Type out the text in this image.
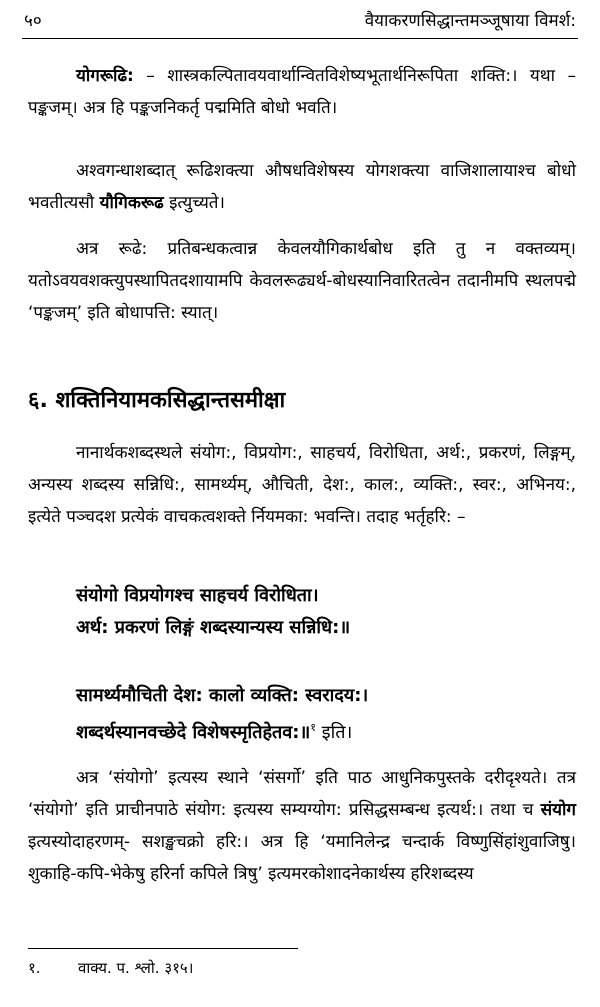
५०	वैयाकरणसिद्धान्तमञ्जूषाया विमर्श:

योगरूढि: – शास्त्रकल्पितावयवार्थान्वितविशेष्यभूतार्थनिरूपिता शक्ति:। यथा – पङ्कजम्। अत्र हि पङ्कजनिकर्तृ पद्ममिति बोधो भवति।

अश्वगन्धाशब्दात् रूढिशक्त्या औषधविशेषस्य योगशक्त्या वाजिशालायाश्च बोधो भवतीत्यसौ यौगिकरूढ इत्युच्यते।

अत्र रूढे: प्रतिबन्धकत्वान्न केवलयौगिकार्थबोध इति तु न वक्तव्यम्। यतोऽवयवशक्त्युपस्थापितदशायामपि केवलरूढ्यर्थ-बोधस्यानिवारितत्वेन तदानीमपि स्थलपद्मे ‘पङ्कजम्’ इति बोधापत्ति: स्यात्।

६. शक्तिनियामकसिद्धान्तसमीक्षा

नानार्थकशब्दस्थले संयोग:, विप्रयोग:, साहचर्य, विरोधिता, अर्थ:, प्रकरणं, लिङ्गम्, अन्यस्य शब्दस्य सन्निधि:, सामर्थ्यम्, औचिती, देश:, काल:, व्यक्ति:, स्वर:, अभिनय:, इत्येते पञ्चदश प्रत्येकं वाचकत्वशक्ते र्नियमका: भवन्ति। तदाह भर्तृहरि: –

संयोगो विप्रयोगश्च साहचर्य विरोधिता।
अर्थ: प्रकरणं लिङ्गं शब्दस्यान्यस्य सन्निधि:॥
सामर्थ्यमौचिती देश: कालो व्यक्ति: स्वरादय:।
शब्दर्थस्यानवच्छेदे विशेषस्मृतिहेतव:॥$^१$ इति।

अत्र ‘संयोगो’ इत्यस्य स्थाने ‘संसर्गो’ इति पाठ आधुनिकपुस्तके दरीदृश्यते। तत्र ‘संयोगो’ इति प्राचीनपाठे संयोग: इत्यस्य सम्यग्योग: प्रसिद्धसम्बन्ध इत्यर्थ:। तथा च संयोग इत्यस्योदाहरणम्- सशङ्खचक्रो हरि:। अत्र हि ‘यमानिलेन्द्र चन्दार्क विष्णुसिंहांशुवाजिषु। शुकाहि-कपि-भेकेषु हरिर्ना कपिले त्रिषु’ इत्यमरकोशादनेकार्थस्य हरिशब्दस्य

१. वाक्य. प. श्लो. ३१५।
